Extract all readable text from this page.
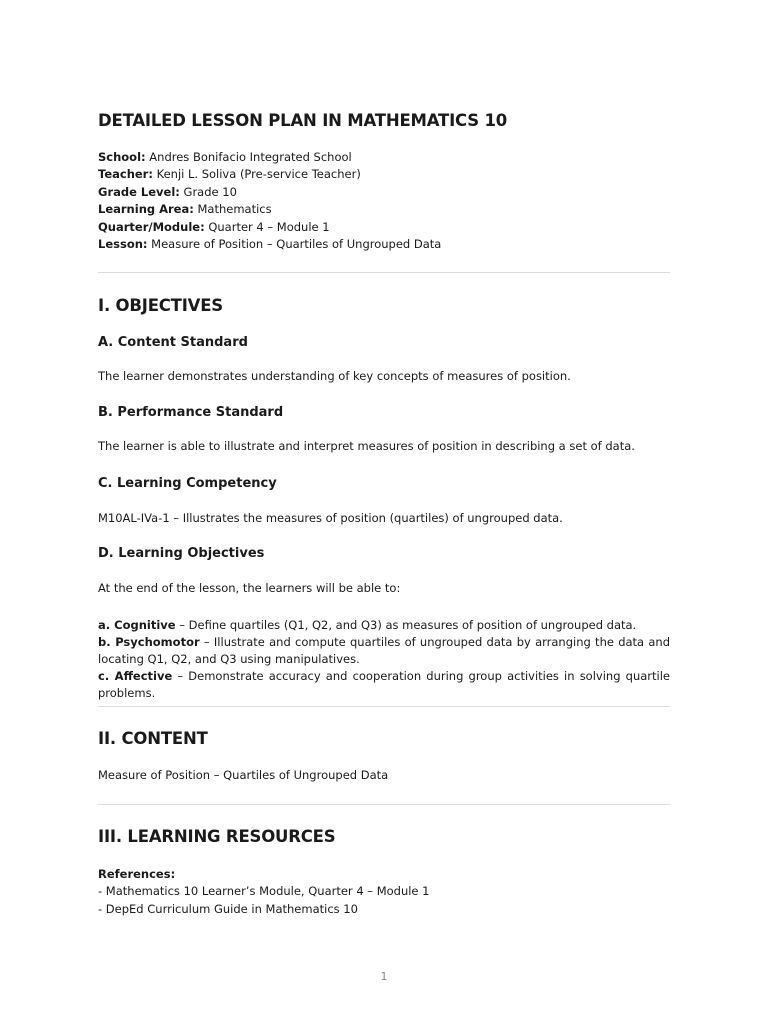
DETAILED LESSON PLAN IN MATHEMATICS 10
School: Andres Bonifacio Integrated School
Teacher: Kenji L. Soliva (Pre-service Teacher)
Grade Level: Grade 10
Learning Area: Mathematics
Quarter/Module: Quarter 4 – Module 1
Lesson: Measure of Position – Quartiles of Ungrouped Data
I. OBJECTIVES
A. Content Standard

The learner demonstrates understanding of key concepts of measures of position.

B. Performance Standard

The learner is able to illustrate and interpret measures of position in describing a set of data.

C. Learning Competency

M10AL-IVa-1 – Illustrates the measures of position (quartiles) of ungrouped data.

D. Learning Objectives

At the end of the lesson, the learners will be able to:

a. Cognitive – Define quartiles (Q1, Q2, and Q3) as measures of position of ungrouped data.
b. Psychomotor – Illustrate and compute quartiles of ungrouped data by arranging the data and locating Q1, Q2, and Q3 using manipulatives.
c. Affective – Demonstrate accuracy and cooperation during group activities in solving quartile problems.
II. CONTENT

Measure of Position – Quartiles of Ungrouped Data

III. LEARNING RESOURCES
References:
- Mathematics 10 Learner’s Module, Quarter 4 – Module 1
- DepEd Curriculum Guide in Mathematics 10
1
